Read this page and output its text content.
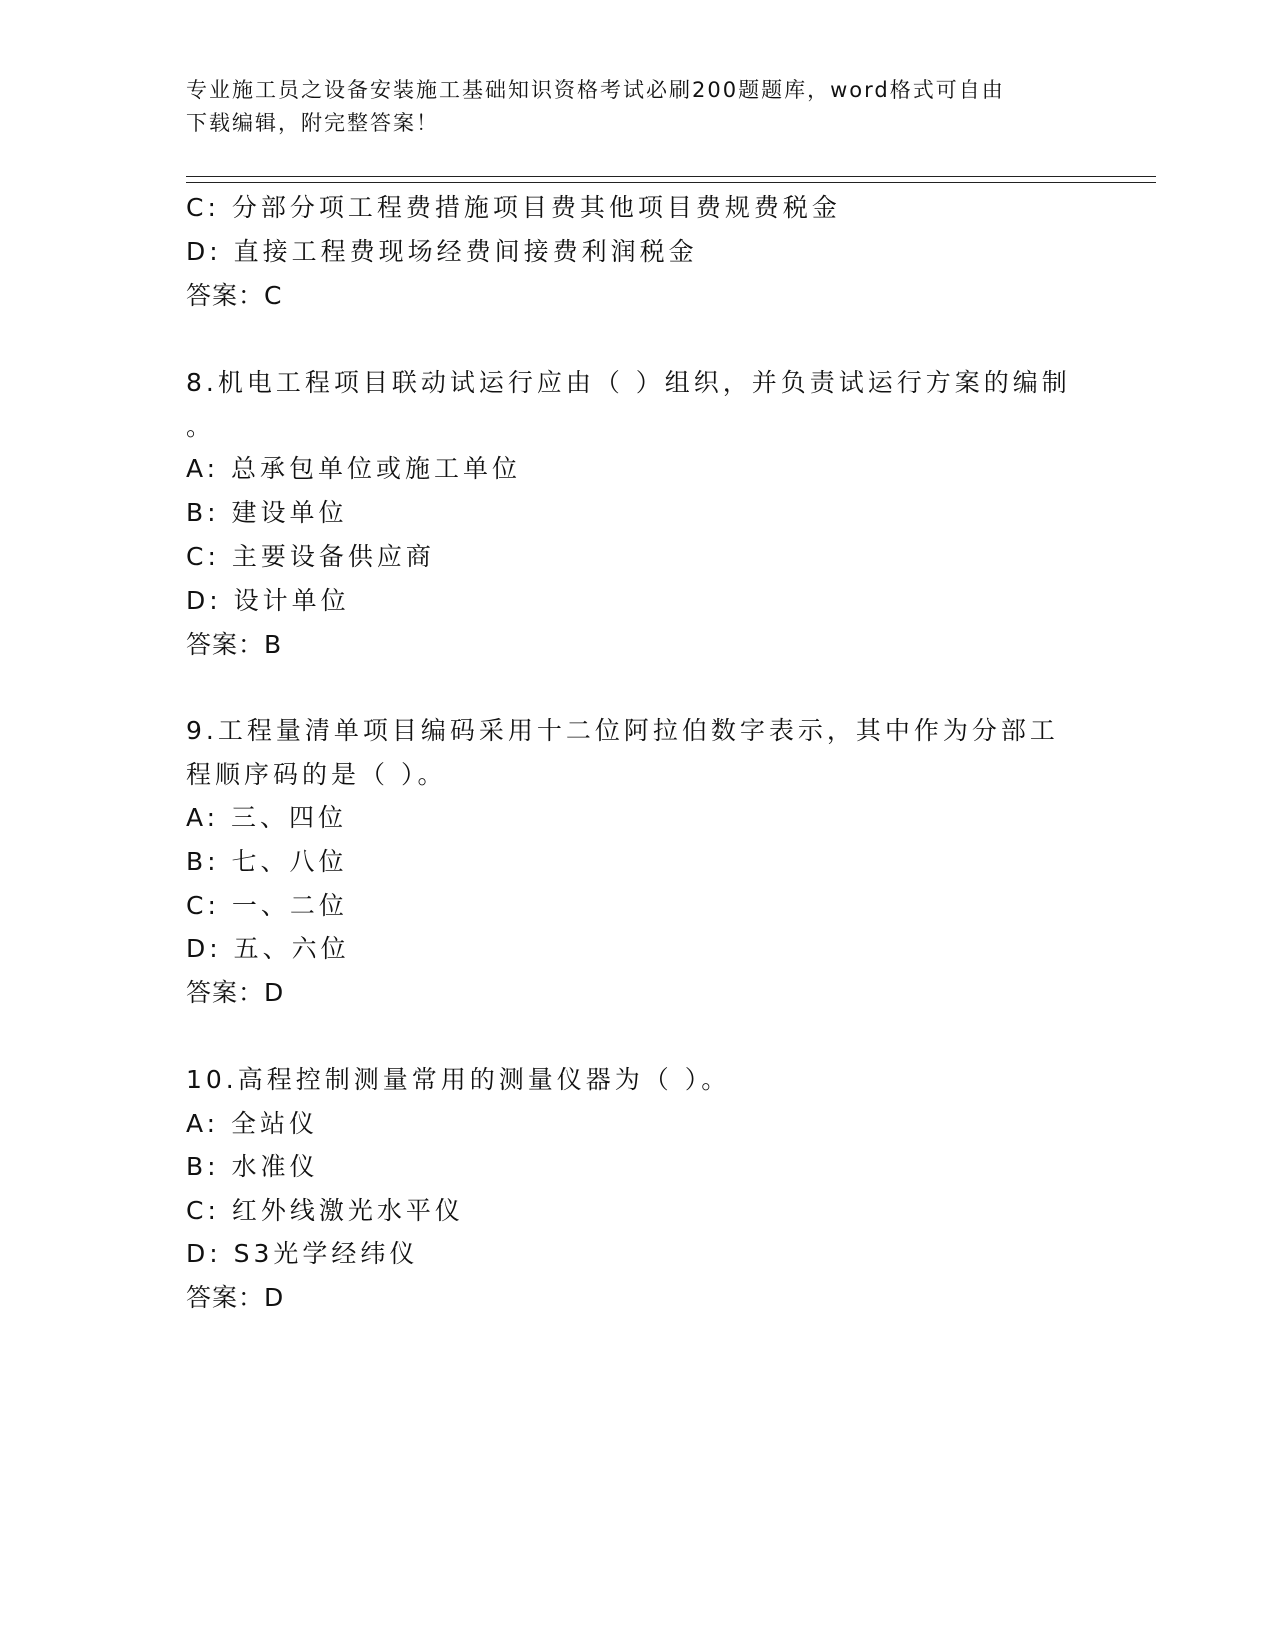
专业施工员之设备安装施工基础知识资格考试必刷200题题库，word格式可自由
下载编辑，附完整答案！
C: 分部分项工程费措施项目费其他项目费规费税金
D: 直接工程费现场经费间接费利润税金
答案：C
8.机电工程项目联动试运行应由（ ）组织，并负责试运行方案的编制
。
A: 总承包单位或施工单位
B: 建设单位
C: 主要设备供应商
D: 设计单位
答案：B
9.工程量清单项目编码采用十二位阿拉伯数字表示，其中作为分部工
程顺序码的是（ ）。
A: 三、四位
B: 七、八位
C: 一、二位
D: 五、六位
答案：D
10.高程控制测量常用的测量仪器为（ ）。
A: 全站仪
B: 水准仪
C: 红外线激光水平仪
D: S3光学经纬仪
答案：D
